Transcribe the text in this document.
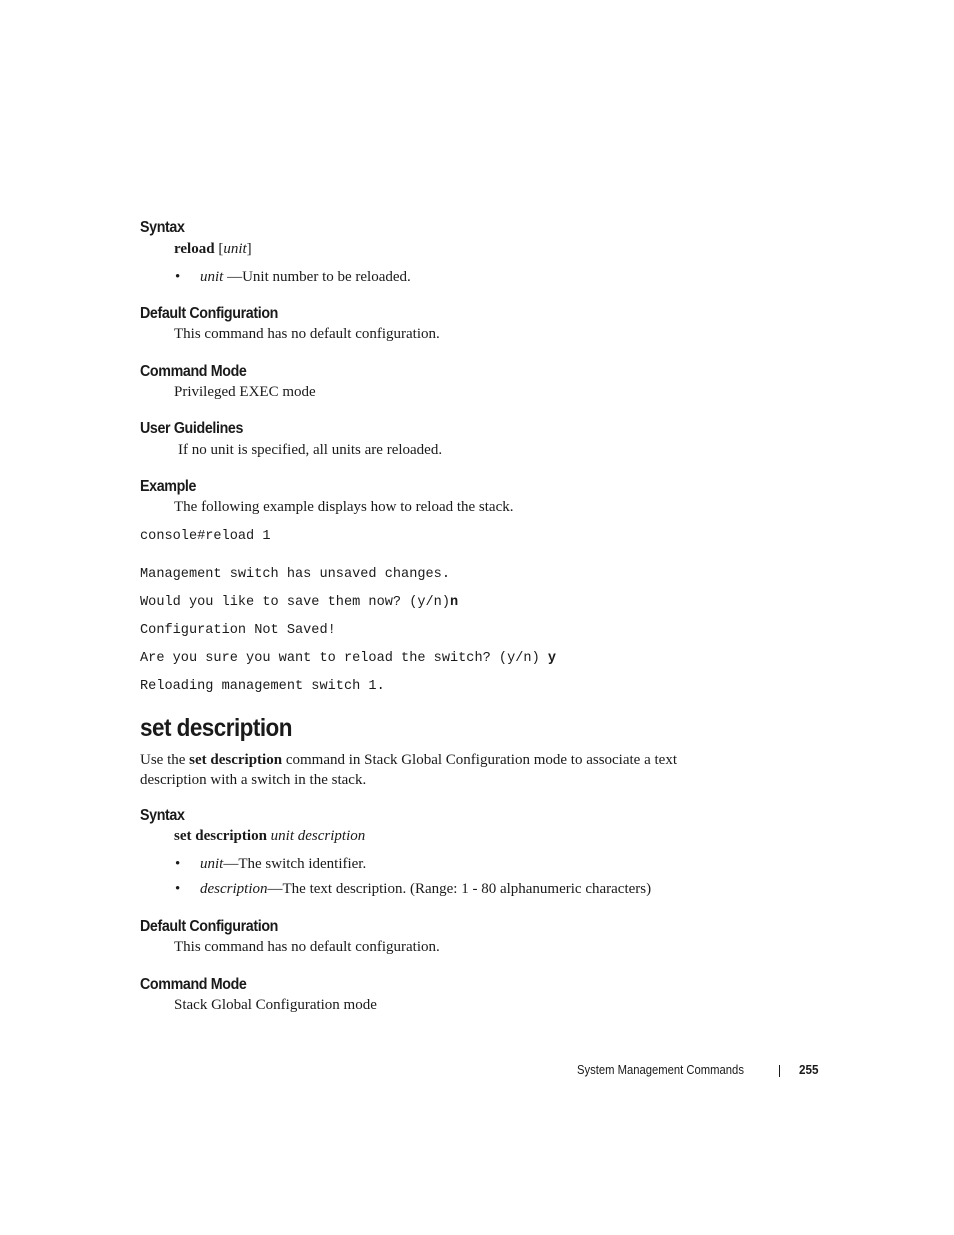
Syntax
reload [unit]
• unit —Unit number to be reloaded.
Default Configuration
This command has no default configuration.
Command Mode
Privileged EXEC mode
User Guidelines
If no unit is specified, all units are reloaded.
Example
The following example displays how to reload the stack.
console#reload 1
Management switch has unsaved changes.
Would you like to save them now? (y/n)n
Configuration Not Saved!
Are you sure you want to reload the switch? (y/n) y
Reloading management switch 1.
set description
Use the set description command in Stack Global Configuration mode to associate a text description with a switch in the stack.
Syntax
set description unit description
• unit—The switch identifier.
• description—The text description. (Range: 1 - 80 alphanumeric characters)
Default Configuration
This command has no default configuration.
Command Mode
Stack Global Configuration mode
System Management Commands	255
